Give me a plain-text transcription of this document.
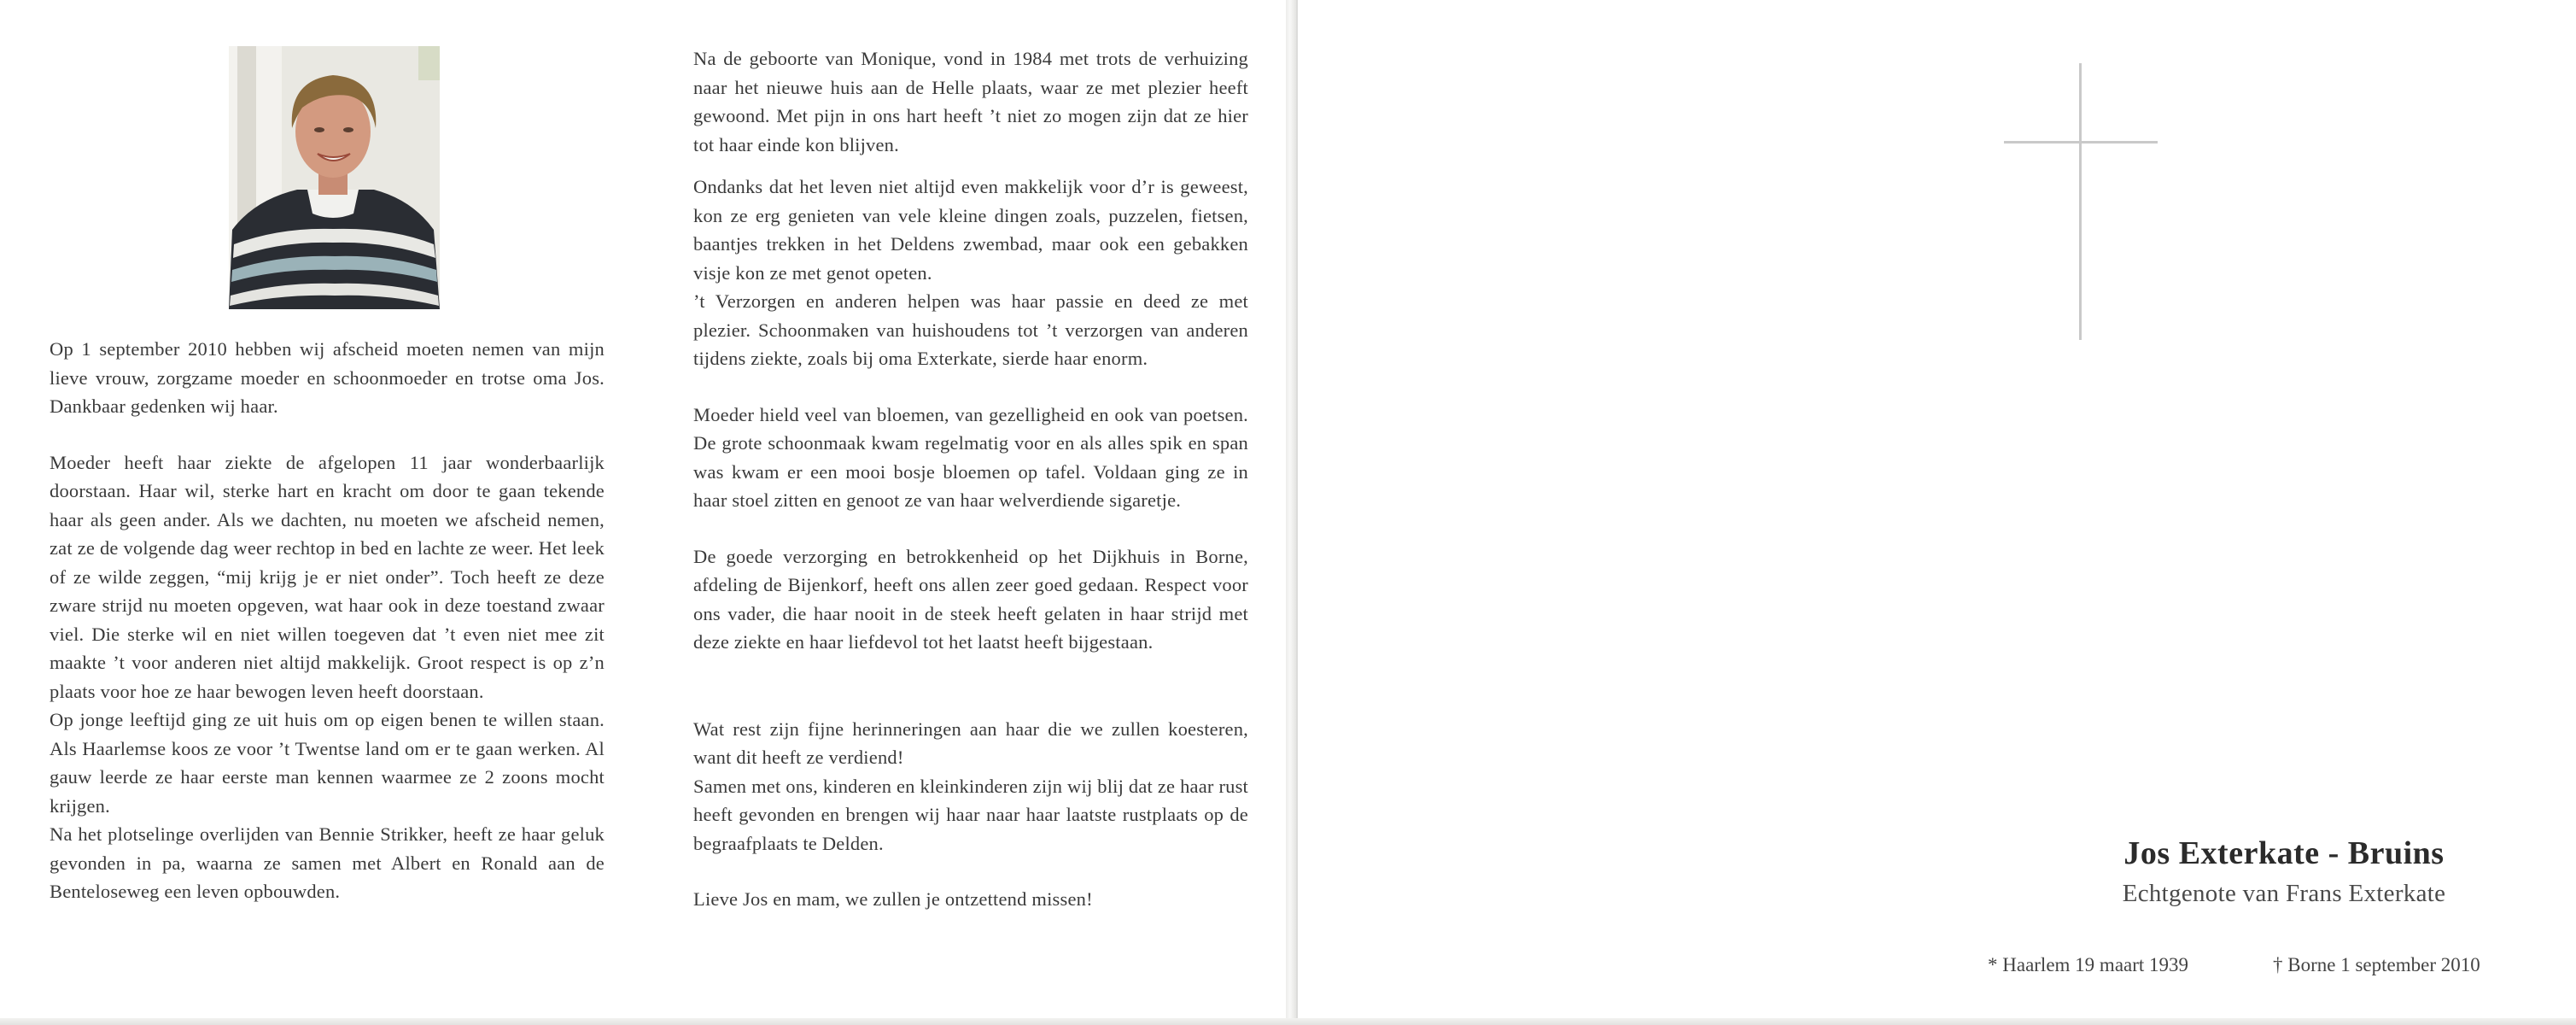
Op 1 september 2010 hebben wij afscheid moeten nemen van mijn lieve vrouw, zorgzame moeder en schoonmoeder en trotse oma Jos. Dankbaar gedenken wij haar.

Moeder heeft haar ziekte de afgelopen 11 jaar wonderbaarlijk doorstaan. Haar wil, sterke hart en kracht om door te gaan tekende haar als geen ander. Als we dachten, nu moeten we afscheid nemen, zat ze de volgende dag weer rechtop in bed en lachte ze weer. Het leek of ze wilde zeggen, “mij krijg je er niet onder”. Toch heeft ze deze zware strijd nu moeten opgeven, wat haar ook in deze toestand zwaar viel. Die sterke wil en niet willen toegeven dat ’t even niet mee zit maakte ’t voor anderen niet altijd makkelijk. Groot respect is op z’n plaats voor hoe ze haar bewogen leven heeft doorstaan.

Op jonge leeftijd ging ze uit huis om op eigen benen te willen staan. Als Haarlemse koos ze voor ’t Twentse land om er te gaan werken. Al gauw leerde ze haar eerste man kennen waarmee ze 2 zoons mocht krijgen.

Na het plotselinge overlijden van Bennie Strikker, heeft ze haar geluk gevonden in pa, waarna ze samen met Albert en Ronald aan de Benteloseweg een leven opbouwden.

Na de geboorte van Monique, vond in 1984 met trots de verhuizing naar het nieuwe huis aan de Helle plaats, waar ze met plezier heeft gewoond. Met pijn in ons hart heeft ’t niet zo mogen zijn dat ze hier tot haar einde kon blijven.

Ondanks dat het leven niet altijd even makkelijk voor d’r is geweest, kon ze erg genieten van vele kleine dingen zoals, puzzelen, fietsen, baantjes trekken in het Deldens zwembad, maar ook een gebakken visje kon ze met genot opeten.

’t Verzorgen en anderen helpen was haar passie en deed ze met plezier. Schoonmaken van huishoudens tot ’t verzorgen van anderen tijdens ziekte, zoals bij oma Exterkate, sierde haar enorm.

Moeder hield veel van bloemen, van gezelligheid en ook van poetsen. De grote schoonmaak kwam regelmatig voor en als alles spik en span was kwam er een mooi bosje bloemen op tafel. Voldaan ging ze in haar stoel zitten en genoot ze van haar welverdiende sigaretje.

De goede verzorging en betrokkenheid op het Dijkhuis in Borne, afdeling de Bijenkorf, heeft ons allen zeer goed gedaan. Respect voor ons vader, die haar nooit in de steek heeft gelaten in haar strijd met deze ziekte en haar liefdevol tot het laatst heeft bijgestaan.

Wat rest zijn fijne herinneringen aan haar die we zullen koesteren, want dit heeft ze verdiend!

Samen met ons, kinderen en kleinkinderen zijn wij blij dat ze haar rust heeft gevonden en brengen wij haar naar haar laatste rustplaats op de begraafplaats te Delden.

Lieve Jos en mam, we zullen je ontzettend missen!

Jos Exterkate - Bruins
Echtgenote van Frans Exterkate
* Haarlem 19 maart 1939	† Borne 1 september 2010
